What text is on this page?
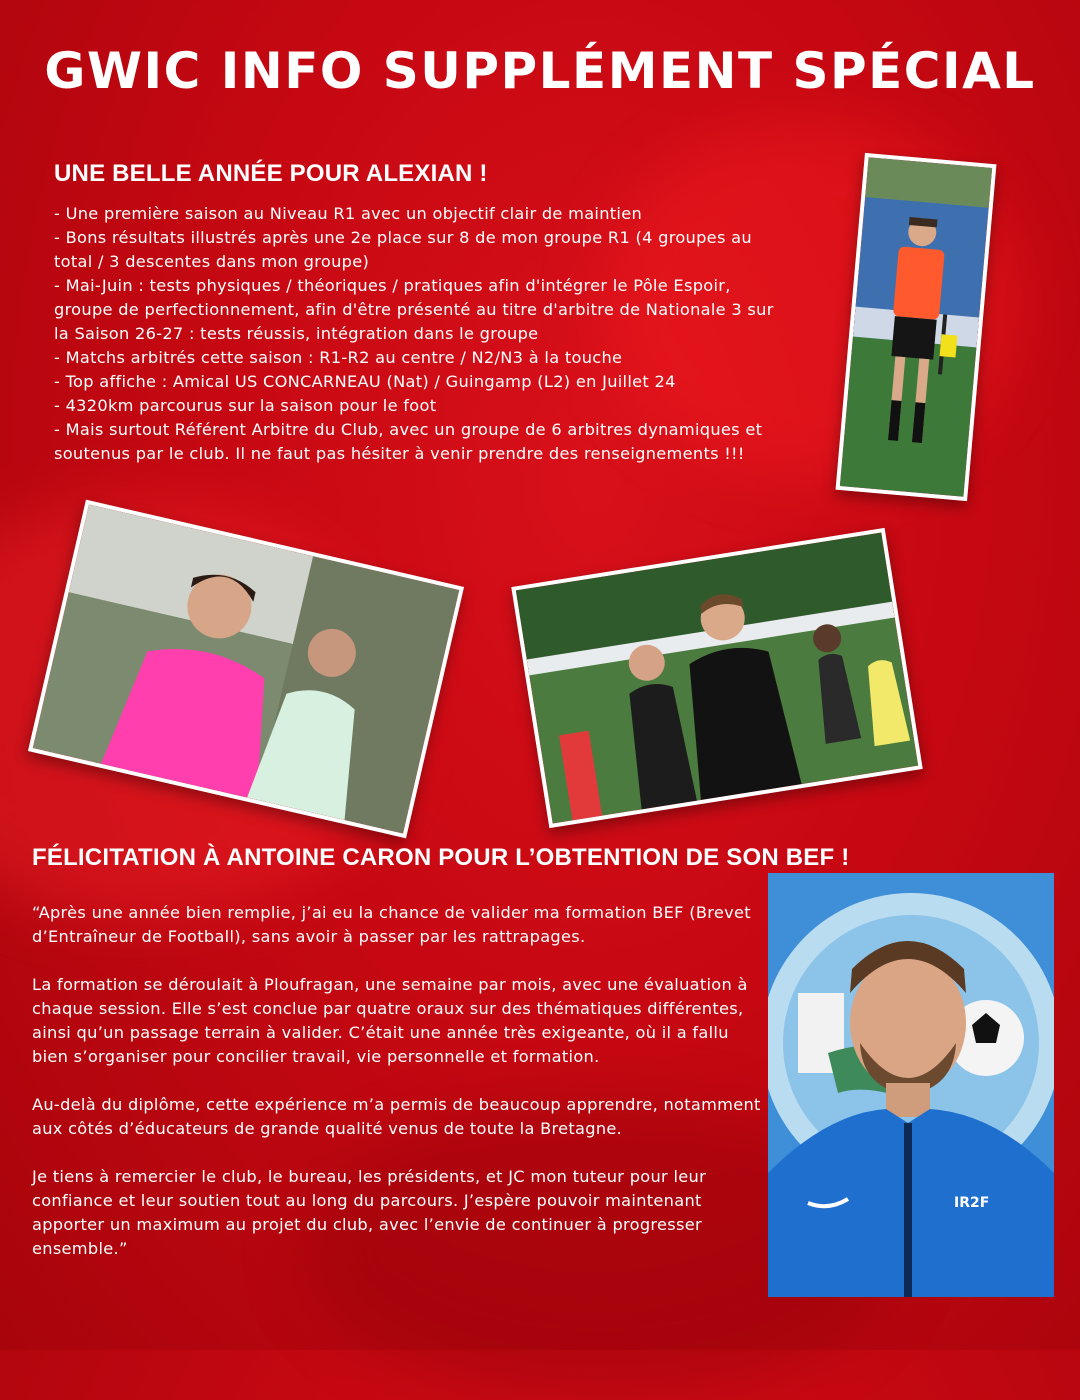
GWIC INFO SUPPLÉMENT SPÉCIAL
UNE BELLE ANNÉE POUR ALEXIAN !
- Une première saison au Niveau R1 avec un objectif clair de maintien
- Bons résultats illustrés après une 2e place sur 8 de mon groupe R1 (4 groupes au total / 3 descentes dans mon groupe)
- Mai-Juin : tests physiques / théoriques / pratiques afin d'intégrer le Pôle Espoir, groupe de perfectionnement, afin d'être présenté au titre d'arbitre de Nationale 3 sur la Saison 26-27 : tests réussis, intégration dans le groupe
- Matchs arbitrés cette saison : R1-R2 au centre / N2/N3 à la touche
- Top affiche : Amical US CONCARNEAU (Nat) / Guingamp (L2) en Juillet 24
- 4320km parcourus sur la saison pour le foot
- Mais surtout Référent Arbitre du Club, avec un groupe de 6 arbitres dynamiques et soutenus par le club. Il ne faut pas hésiter à venir prendre des renseignements !!!
FÉLICITATION À ANTOINE CARON POUR L’OBTENTION DE SON BEF !

“Après une année bien remplie, j’ai eu la chance de valider ma formation BEF (Brevet d’Entraîneur de Football), sans avoir à passer par les rattrapages.

La formation se déroulait à Ploufragan, une semaine par mois, avec une évaluation à chaque session. Elle s’est conclue par quatre oraux sur des thématiques différentes, ainsi qu’un passage terrain à valider. C’était une année très exigeante, où il a fallu bien s’organiser pour concilier travail, vie personnelle et formation.

Au-delà du diplôme, cette expérience m’a permis de beaucoup apprendre, notamment aux côtés d’éducateurs de grande qualité venus de toute la Bretagne.

Je tiens à remercier le club, le bureau, les présidents, et JC mon tuteur pour leur confiance et leur soutien tout au long du parcours. J’espère pouvoir maintenant apporter un maximum au projet du club, avec l’envie de continuer à progresser ensemble.”

IR2F
